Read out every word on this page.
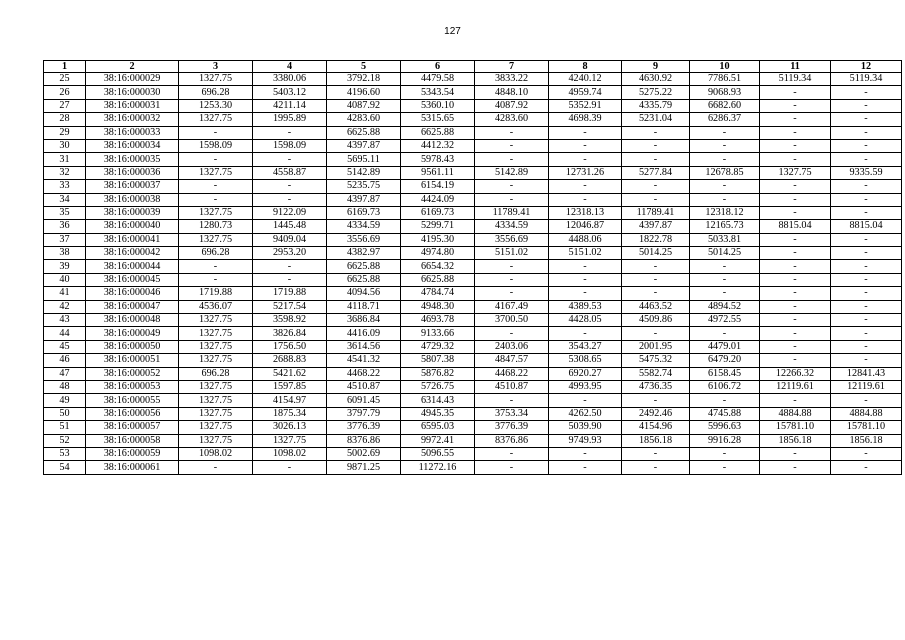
127
1	2	3	4	5	6	7	8	9	10	11	12
25	38:16:000029	1327.75	3380.06	3792.18	4479.58	3833.22	4240.12	4630.92	7786.51	5119.34	5119.34
26	38:16:000030	696.28	5403.12	4196.60	5343.54	4848.10	4959.74	5275.22	9068.93	-	-
27	38:16:000031	1253.30	4211.14	4087.92	5360.10	4087.92	5352.91	4335.79	6682.60	-	-
28	38:16:000032	1327.75	1995.89	4283.60	5315.65	4283.60	4698.39	5231.04	6286.37	-	-
29	38:16:000033	-	-	6625.88	6625.88	-	-	-	-	-	-
30	38:16:000034	1598.09	1598.09	4397.87	4412.32	-	-	-	-	-	-
31	38:16:000035	-	-	5695.11	5978.43	-	-	-	-	-	-
32	38:16:000036	1327.75	4558.87	5142.89	9561.11	5142.89	12731.26	5277.84	12678.85	1327.75	9335.59
33	38:16:000037	-	-	5235.75	6154.19	-	-	-	-	-	-
34	38:16:000038	-	-	4397.87	4424.09	-	-	-	-	-	-
35	38:16:000039	1327.75	9122.09	6169.73	6169.73	11789.41	12318.13	11789.41	12318.12	-	-
36	38:16:000040	1280.73	1445.48	4334.59	5299.71	4334.59	12046.87	4397.87	12165.73	8815.04	8815.04
37	38:16:000041	1327.75	9409.04	3556.69	4195.30	3556.69	4488.06	1822.78	5033.81	-	-
38	38:16:000042	696.28	2953.20	4382.97	4974.80	5151.02	5151.02	5014.25	5014.25	-	-
39	38:16:000044	-	-	6625.88	6654.32	-	-	-	-	-	-
40	38:16:000045	-	-	6625.88	6625.88	-	-	-	-	-	-
41	38:16:000046	1719.88	1719.88	4094.56	4784.74	-	-	-	-	-	-
42	38:16:000047	4536.07	5217.54	4118.71	4948.30	4167.49	4389.53	4463.52	4894.52	-	-
43	38:16:000048	1327.75	3598.92	3686.84	4693.78	3700.50	4428.05	4509.86	4972.55	-	-
44	38:16:000049	1327.75	3826.84	4416.09	9133.66	-	-	-	-	-	-
45	38:16:000050	1327.75	1756.50	3614.56	4729.32	2403.06	3543.27	2001.95	4479.01	-	-
46	38:16:000051	1327.75	2688.83	4541.32	5807.38	4847.57	5308.65	5475.32	6479.20	-	-
47	38:16:000052	696.28	5421.62	4468.22	5876.82	4468.22	6920.27	5582.74	6158.45	12266.32	12841.43
48	38:16:000053	1327.75	1597.85	4510.87	5726.75	4510.87	4993.95	4736.35	6106.72	12119.61	12119.61
49	38:16:000055	1327.75	4154.97	6091.45	6314.43	-	-	-	-	-	-
50	38:16:000056	1327.75	1875.34	3797.79	4945.35	3753.34	4262.50	2492.46	4745.88	4884.88	4884.88
51	38:16:000057	1327.75	3026.13	3776.39	6595.03	3776.39	5039.90	4154.96	5996.63	15781.10	15781.10
52	38:16:000058	1327.75	1327.75	8376.86	9972.41	8376.86	9749.93	1856.18	9916.28	1856.18	1856.18
53	38:16:000059	1098.02	1098.02	5002.69	5096.55	-	-	-	-	-	-
54	38:16:000061	-	-	9871.25	11272.16	-	-	-	-	-	-
